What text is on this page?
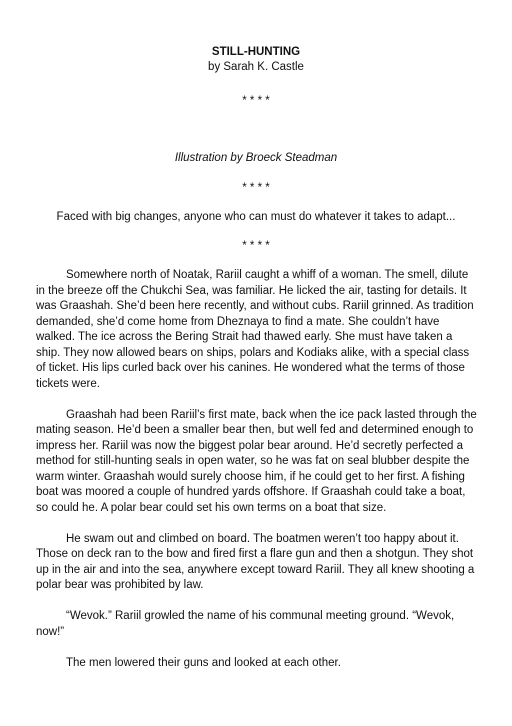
STILL-HUNTING
by Sarah K. Castle
* * * *
Illustration by Broeck Steadman
* * * *
Faced with big changes, anyone who can must do whatever it takes to adapt...
* * * *

Somewhere north of Noatak, Rariil caught a whiff of a woman. The smell, dilute in the breeze off the Chukchi Sea, was familiar. He licked the air, tasting for details. It was Graashah. She’d been here recently, and without cubs. Rariil grinned. As tradition demanded, she’d come home from Dheznaya to find a mate. She couldn’t have walked. The ice across the Bering Strait had thawed early. She must have taken a ship. They now allowed bears on ships, polars and Kodiaks alike, with a special class of ticket. His lips curled back over his canines. He wondered what the terms of those tickets were.

Graashah had been Rariil’s first mate, back when the ice pack lasted through the mating season. He’d been a smaller bear then, but well fed and determined enough to impress her. Rariil was now the biggest polar bear around. He’d secretly perfected a method for still-hunting seals in open water, so he was fat on seal blubber despite the warm winter. Graashah would surely choose him, if he could get to her first. A fishing boat was moored a couple of hundred yards offshore. If Graashah could take a boat, so could he. A polar bear could set his own terms on a boat that size.

He swam out and climbed on board. The boatmen weren’t too happy about it. Those on deck ran to the bow and fired first a flare gun and then a shotgun. They shot up in the air and into the sea, anywhere except toward Rariil. They all knew shooting a polar bear was prohibited by law.

“Wevok.” Rariil growled the name of his communal meeting ground. “Wevok, now!”

The men lowered their guns and looked at each other.
